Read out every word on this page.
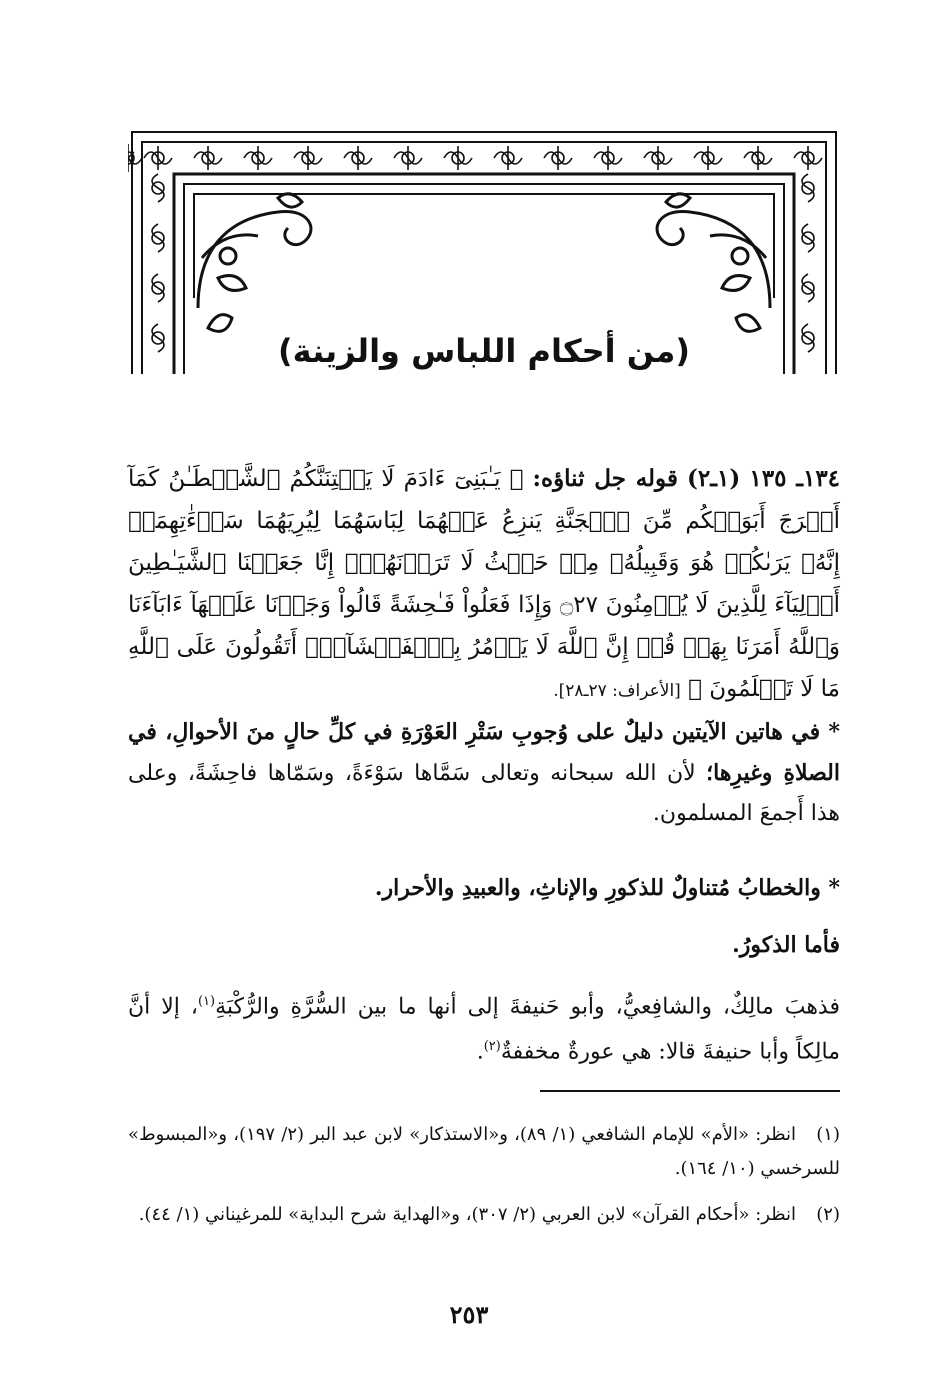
(من أحكام اللباس والزينة)
١٣٤ـ ١٣٥ (١ـ٢) قوله جل ثناؤه: ﴿ يَـٰبَنِىٓ ءَادَمَ لَا يَفۡتِنَنَّكُمُ ٱلشَّيۡطَـٰنُ كَمَآ أَخۡرَجَ أَبَوَيۡكُم مِّنَ ٱلۡجَنَّةِ يَنزِعُ عَنۡهُمَا لِبَاسَهُمَا لِيُرِيَهُمَا سَوۡءَٰتِهِمَآۚ إِنَّهُۥ يَرَىٰكُمۡ هُوَ وَقَبِيلُهُۥ مِنۡ حَيۡثُ لَا تَرَوۡنَهُمۡۗ إِنَّا جَعَلۡنَا ٱلشَّيَـٰطِينَ أَوۡلِيَآءَ لِلَّذِينَ لَا يُؤۡمِنُونَ ۝٢٧ وَإِذَا فَعَلُواْ فَـٰحِشَةً قَالُواْ وَجَدۡنَا عَلَيۡهَآ ءَابَآءَنَا وَٱللَّهُ أَمَرَنَا بِهَاۗ قُلۡ إِنَّ ٱللَّهَ لَا يَأۡمُرُ بِٱلۡفَحۡشَآءِۖ أَتَقُولُونَ عَلَى ٱللَّهِ مَا لَا تَعۡلَمُونَ ﴾ [الأعراف: ٢٧ـ٢٨].
* في هاتين الآيتين دليلٌ على وُجوبِ سَتْرِ العَوْرَةِ في كلِّ حالٍ منَ الأحوالِ، في الصلاةِ وغيرِها؛ لأن الله سبحانه وتعالى سَمَّاها سَوْءَةً، وسَمّاها فاحِشَةً، وعلى هذا أَجمعَ المسلمون.
* والخطابُ مُتناولٌ للذكورِ والإناثِ، والعبيدِ والأحرار.
فأما الذكورُ.
فذهبَ مالِكٌ، والشافِعيُّ، وأبو حَنيفةَ إلى أنها ما بين السُّرَّةِ والرُّكْبَةِ$^{(١)}$، إلا أنَّ مالِكاً وأبا حنيفةَ قالا: هي عورةٌ مخففةٌ$^{(٢)}$.
(١)انظر: «الأم» للإمام الشافعي (١/ ٨٩)، و«الاستذكار» لابن عبد البر (٢/ ١٩٧)، و«المبسوط» للسرخسي (١٠/ ١٦٤).
(٢)انظر: «أحكام القرآن» لابن العربي (٢/ ٣٠٧)، و«الهداية شرح البداية» للمرغيناني (١/ ٤٤).
٢٥٣
